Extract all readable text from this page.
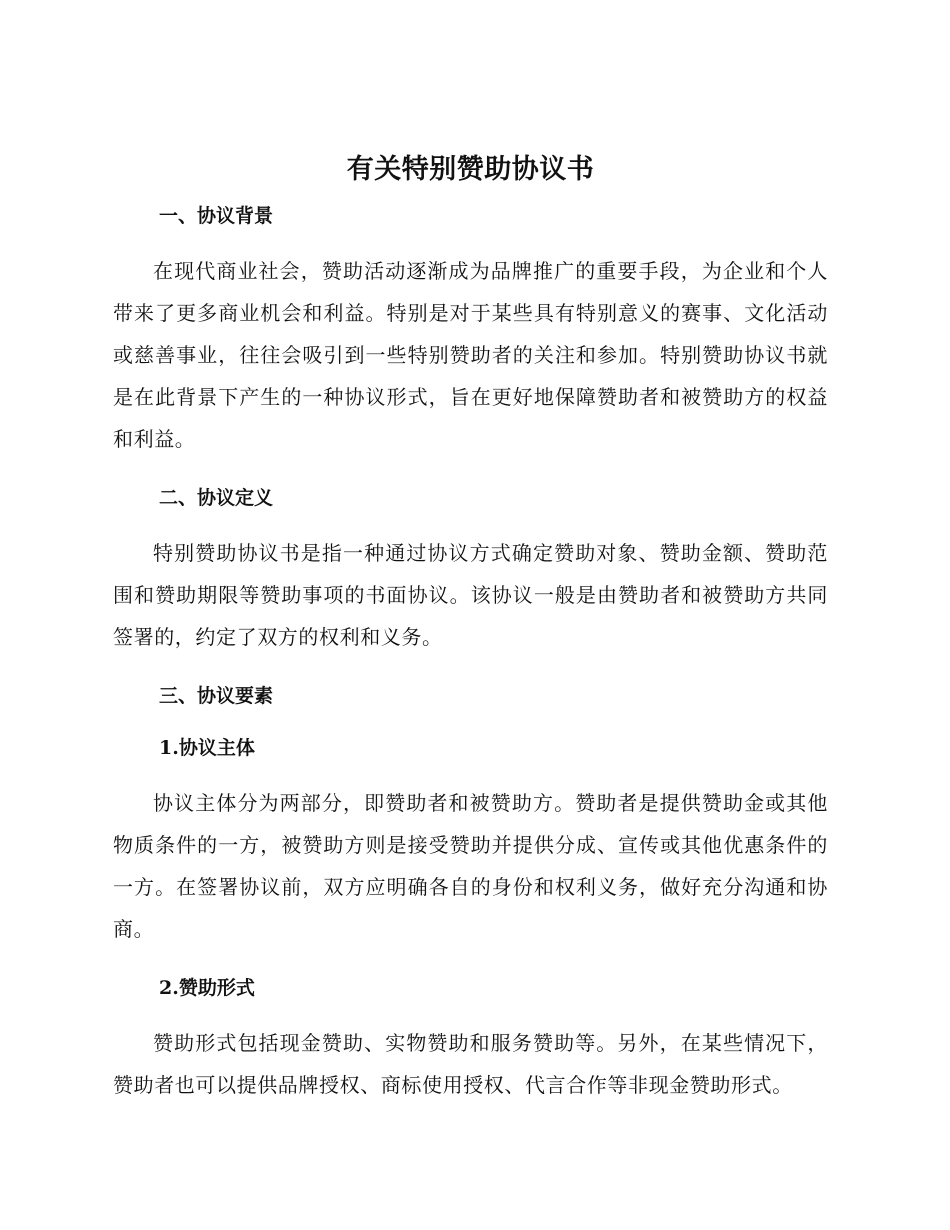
有关特别赞助协议书
一、协议背景

在现代商业社会，赞助活动逐渐成为品牌推广的重要手段，为企业和个人带来了更多商业机会和利益。特别是对于某些具有特别意义的赛事、文化活动或慈善事业，往往会吸引到一些特别赞助者的关注和参加。特别赞助协议书就是在此背景下产生的一种协议形式，旨在更好地保障赞助者和被赞助方的权益和利益。

二、协议定义

特别赞助协议书是指一种通过协议方式确定赞助对象、赞助金额、赞助范围和赞助期限等赞助事项的书面协议。该协议一般是由赞助者和被赞助方共同签署的，约定了双方的权利和义务。

三、协议要素
1.协议主体

协议主体分为两部分，即赞助者和被赞助方。赞助者是提供赞助金或其他物质条件的一方，被赞助方则是接受赞助并提供分成、宣传或其他优惠条件的一方。在签署协议前，双方应明确各自的身份和权利义务，做好充分沟通和协商。

2.赞助形式

赞助形式包括现金赞助、实物赞助和服务赞助等。另外，在某些情况下，赞助者也可以提供品牌授权、商标使用授权、代言合作等非现金赞助形式。
